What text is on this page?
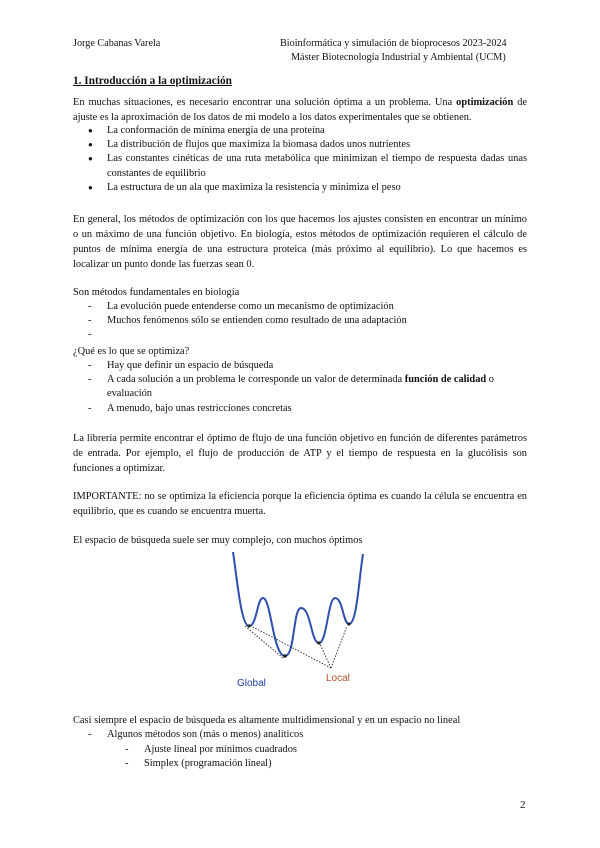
Jorge Cabanas Varela	Bioinformática y simulación de bioprocesos 2023-2024
Máster Biotecnología Industrial y Ambiental (UCM)
1. Introducción a la optimización
En muchas situaciones, es necesario encontrar una solución óptima a un problema. Una optimización de ajuste es la aproximación de los datos de mi modelo a los datos experimentales que se obtienen.
● La conformación de mínima energía de una proteína
● La distribución de flujos que maximiza la biomasa dados unos nutrientes
● Las constantes cinéticas de una ruta metabólica que minimizan el tiempo de respuesta dadas unas constantes de equilibrio
● La estructura de un ala que maximiza la resistencia y minimiza el peso
En general, los métodos de optimización con los que hacemos los ajustes consisten en encontrar un mínimo o un máximo de una función objetivo. En biología, estos métodos de optimización requieren el cálculo de puntos de mínima energía de una estructura proteica (más próximo al equilibrio). Lo que hacemos es localizar un punto donde las fuerzas sean 0.
Son métodos fundamentales en biología
- La evolución puede entenderse como un mecanismo de optimización
- Muchos fenómenos sólo se entienden como resultado de una adaptación
-
¿Qué es lo que se optimiza?
- Hay que definir un espacio de búsqueda
- A cada solución a un problema le corresponde un valor de determinada función de calidad o evaluación
- A menudo, bajo unas restricciones concretas
La librería permite encontrar el óptimo de flujo de una función objetivo en función de diferentes parámetros de entrada. Por ejemplo, el flujo de producción de ATP y el tiempo de respuesta en la glucólisis son funciones a optimizar.
IMPORTANTE: no se optimiza la eficiencia porque la eficiencia óptima es cuando la célula se encuentra en equilibrio, que es cuando se encuentra muerta.
El espacio de búsqueda suele ser muy complejo, con muchos óptimos
Global	Local
Casi siempre el espacio de búsqueda es altamente multidimensional y en un espacio no lineal
- Algunos métodos son (más o menos) analíticos
- Ajuste lineal por mínimos cuadrados
- Simplex (programación lineal)
2
